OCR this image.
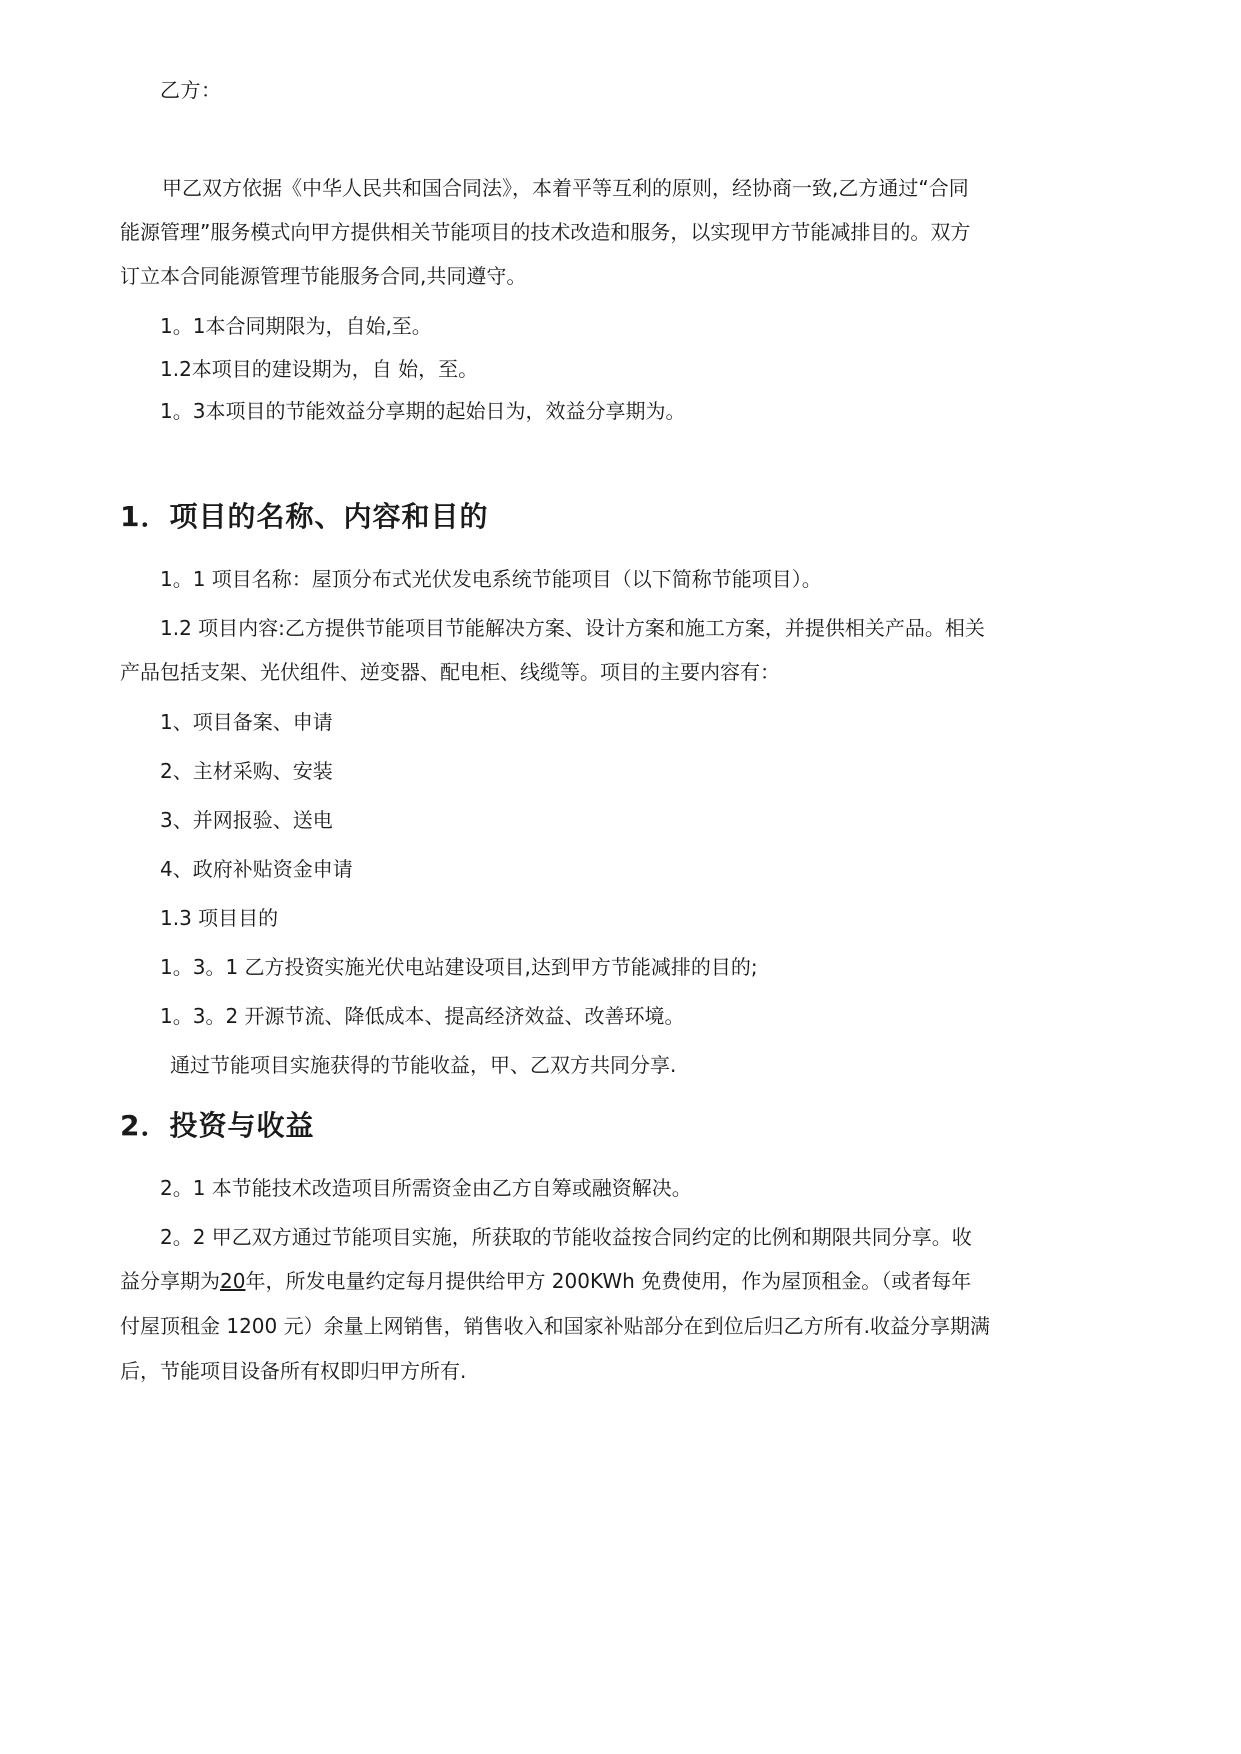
乙方：
甲乙双方依据《中华人民共和国合同法》，本着平等互利的原则，经协商一致,乙方通过“合同
能源管理”服务模式向甲方提供相关节能项目的技术改造和服务，以实现甲方节能减排目的。双方
订立本合同能源管理节能服务合同,共同遵守。
1。1本合同期限为，自始,至。
1.2本项目的建设期为，自 始，至。
1。3本项目的节能效益分享期的起始日为，效益分享期为。
1．项目的名称、内容和目的
1。1 项目名称：屋顶分布式光伏发电系统节能项目（以下简称节能项目）。
1.2 项目内容:乙方提供节能项目节能解决方案、设计方案和施工方案，并提供相关产品。相关
产品包括支架、光伏组件、逆变器、配电柜、线缆等。项目的主要内容有：
1、项目备案、申请
2、主材采购、安装
3、并网报验、送电
4、政府补贴资金申请
1.3 项目目的
1。3。1 乙方投资实施光伏电站建设项目,达到甲方节能减排的目的;
1。3。2 开源节流、降低成本、提高经济效益、改善环境。
通过节能项目实施获得的节能收益，甲、乙双方共同分享.
2．投资与收益
2。1 本节能技术改造项目所需资金由乙方自筹或融资解决。
2。2 甲乙双方通过节能项目实施，所获取的节能收益按合同约定的比例和期限共同分享。收
益分享期为20年，所发电量约定每月提供给甲方 200KWh 免费使用，作为屋顶租金。（或者每年
付屋顶租金 1200 元）余量上网销售，销售收入和国家补贴部分在到位后归乙方所有.收益分享期满
后，节能项目设备所有权即归甲方所有.
